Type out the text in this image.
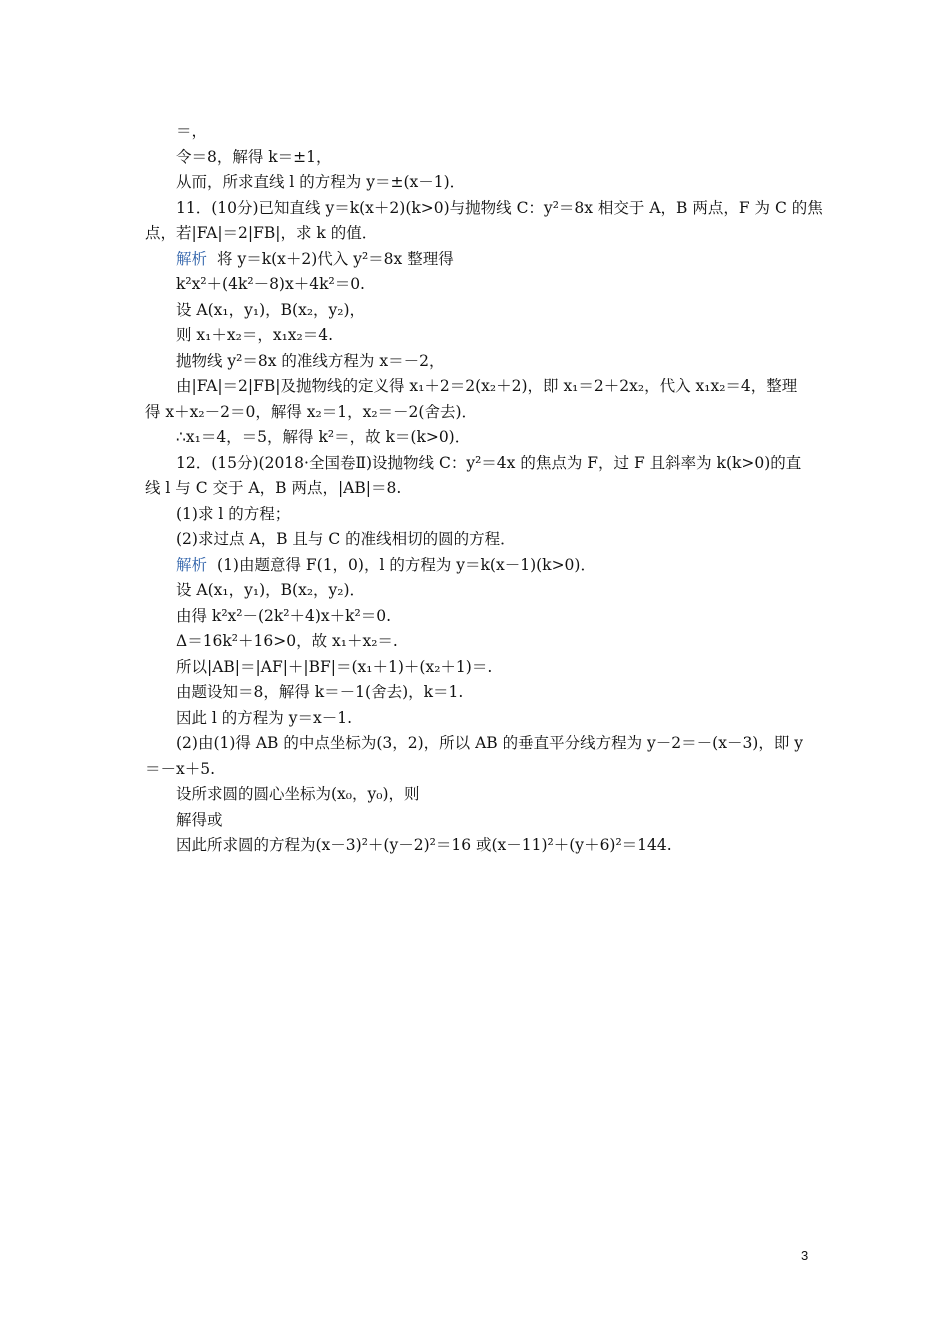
＝，
令＝8，解得 k＝±1，
从而，所求直线 l 的方程为 y＝±(x－1)．
11．(10分)已知直线 y＝k(x＋2)(k>0)与抛物线 C：y²＝8x 相交于 A，B 两点，F 为 C 的焦
点，若|FA|＝2|FB|，求 k 的值．
解析 将 y＝k(x＋2)代入 y²＝8x 整理得
k²x²＋(4k²－8)x＋4k²＝0.
设 A(x₁，y₁)，B(x₂，y₂)，
则 x₁＋x₂＝，x₁x₂＝4.
抛物线 y²＝8x 的准线方程为 x＝－2，
由|FA|＝2|FB|及抛物线的定义得 x₁＋2＝2(x₂＋2)，即 x₁＝2＋2x₂，代入 x₁x₂＝4，整理
得 x＋x₂－2＝0，解得 x₂＝1，x₂＝－2(舍去)．
∴x₁＝4，＝5，解得 k²＝，故 k＝(k>0)．
12．(15分)(2018·全国卷Ⅱ)设抛物线 C：y²＝4x 的焦点为 F，过 F 且斜率为 k(k>0)的直
线 l 与 C 交于 A，B 两点，|AB|＝8.
(1)求 l 的方程；
(2)求过点 A，B 且与 C 的准线相切的圆的方程．
解析 (1)由题意得 F(1，0)，l 的方程为 y＝k(x－1)(k>0)．
设 A(x₁，y₁)，B(x₂，y₂)．
由得 k²x²－(2k²＋4)x＋k²＝0.
Δ＝16k²＋16>0，故 x₁＋x₂＝.
所以|AB|＝|AF|＋|BF|＝(x₁＋1)＋(x₂＋1)＝.
由题设知＝8，解得 k＝－1(舍去)，k＝1.
因此 l 的方程为 y＝x－1.
(2)由(1)得 AB 的中点坐标为(3，2)，所以 AB 的垂直平分线方程为 y－2＝－(x－3)，即 y
＝－x＋5.
设所求圆的圆心坐标为(x₀，y₀)，则
解得或
因此所求圆的方程为(x－3)²＋(y－2)²＝16 或(x－11)²＋(y＋6)²＝144.
3
